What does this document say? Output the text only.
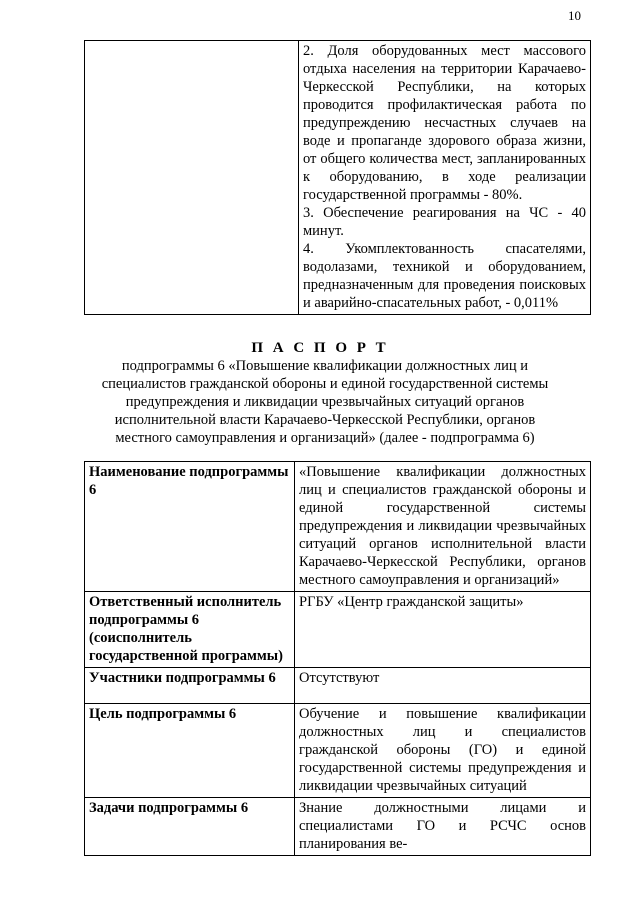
10

2. Доля оборудованных мест массового отдыха населения на территории Карачаево-Черкесской Республики, на которых проводится профилактическая работа по предупреждению несчастных случаев на воде и пропаганде здорового образа жизни, от общего количества мест, запланированных к оборудованию, в ходе реализации государственной программы - 80%.
3. Обеспечение реагирования на ЧС - 40 минут.
4. Укомплектованность спасателями, водолазами, техникой и оборудованием, предназначенным для проведения поисковых и аварийно-спасательных работ, - 0,011%
П А С П О Р Т
подпрограммы 6 «Повышение квалификации должностных лиц и специалистов гражданской обороны и единой государственной системы предупреждения и ликвидации чрезвычайных ситуаций органов исполнительной власти Карачаево-Черкесской Республики, органов местного самоуправления и организаций» (далее - подпрограмма 6)
Наименование подпрограммы 6	«Повышение квалификации должностных лиц и специалистов гражданской обороны и единой государственной системы предупреждения и ликвидации чрезвычайных ситуаций органов исполнительной власти Карачаево-Черкесской Республики, органов местного самоуправления и организаций»
Ответственный исполнитель подпрограммы 6 (соисполнитель государственной программы)	РГБУ «Центр гражданской защиты»
Участники подпрограммы 6	Отсутствуют
Цель подпрограммы 6	Обучение и повышение квалификации должностных лиц и специалистов гражданской обороны (ГО) и единой государственной системы предупреждения и ликвидации чрезвычайных ситуаций
Задачи подпрограммы 6	Знание должностными лицами и специалистами ГО и РСЧС основ планирования ве-
